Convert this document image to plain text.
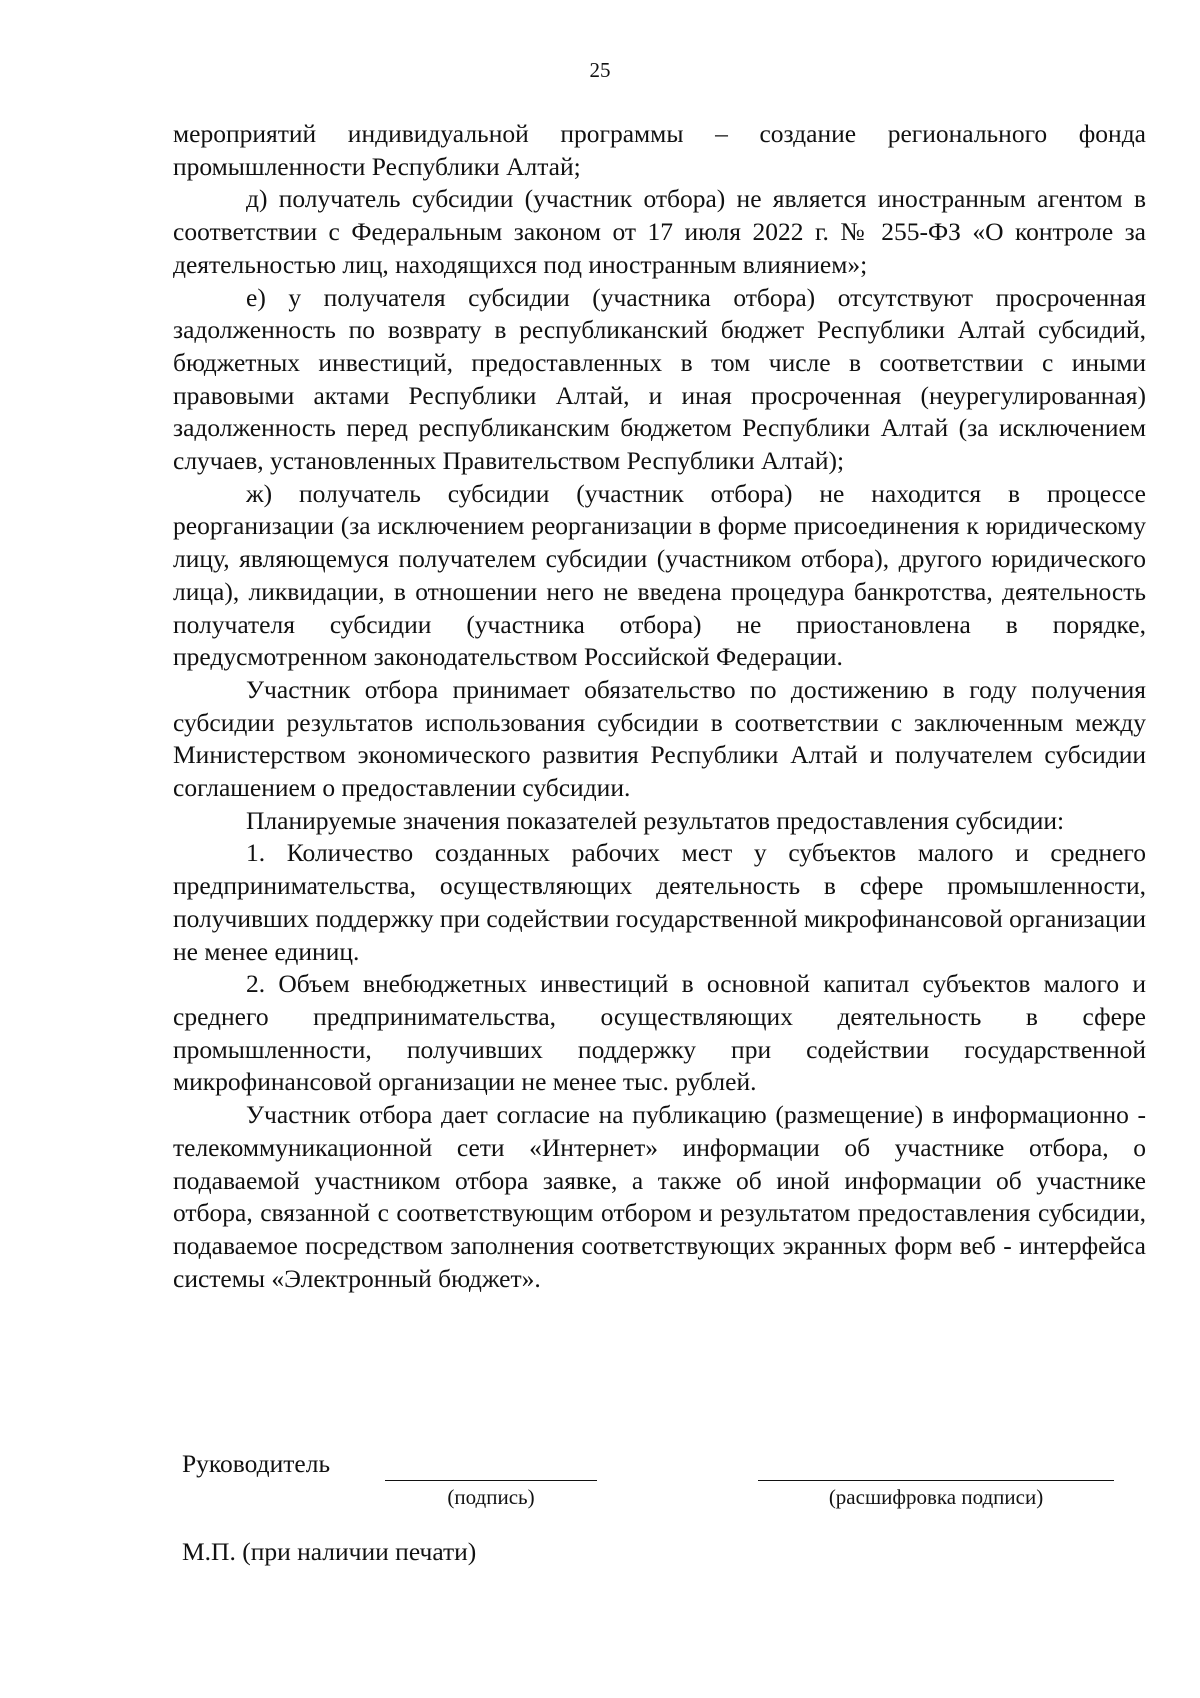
25

мероприятий индивидуальной программы – создание регионального фонда промышленности Республики Алтай;

д) получатель субсидии (участник отбора) не является иностранным агентом в соответствии с Федеральным законом от 17 июля 2022 г. № 255-ФЗ «О контроле за деятельностью лиц, находящихся под иностранным влиянием»;

е) у получателя субсидии (участника отбора) отсутствуют просроченная задолженность по возврату в республиканский бюджет Республики Алтай субсидий, бюджетных инвестиций, предоставленных в том числе в соответствии с иными правовыми актами Республики Алтай, и иная просроченная (неурегулированная) задолженность перед республиканским бюджетом Республики Алтай (за исключением случаев, установленных Правительством Республики Алтай);

ж) получатель субсидии (участник отбора) не находится в процессе реорганизации (за исключением реорганизации в форме присоединения к юридическому лицу, являющемуся получателем субсидии (участником отбора), другого юридического лица), ликвидации, в отношении него не введена процедура банкротства, деятельность получателя субсидии (участника отбора) не приостановлена в порядке, предусмотренном законодательством Российской Федерации.

Участник отбора принимает обязательство по достижению в году получения субсидии результатов использования субсидии в соответствии с заключенным между Министерством экономического развития Республики Алтай и получателем субсидии соглашением о предоставлении субсидии.

Планируемые значения показателей результатов предоставления субсидии:

1. Количество созданных рабочих мест у субъектов малого и среднего предпринимательства, осуществляющих деятельность в сфере промышленности, получивших поддержку при содействии государственной микрофинансовой организации не менее единиц.

2. Объем внебюджетных инвестиций в основной капитал субъектов малого и среднего предпринимательства, осуществляющих деятельность в сфере промышленности, получивших поддержку при содействии государственной микрофинансовой организации не менее тыс. рублей.

Участник отбора дает согласие на публикацию (размещение) в информационно - телекоммуникационной сети «Интернет» информации об участнике отбора, о подаваемой участником отбора заявке, а также об иной информации об участнике отбора, связанной с соответствующим отбором и результатом предоставления субсидии, подаваемое посредством заполнения соответствующих экранных форм веб - интерфейса системы «Электронный бюджет».

Руководитель
(подпись)	(расшифровка подписи)
М.П. (при наличии печати)
